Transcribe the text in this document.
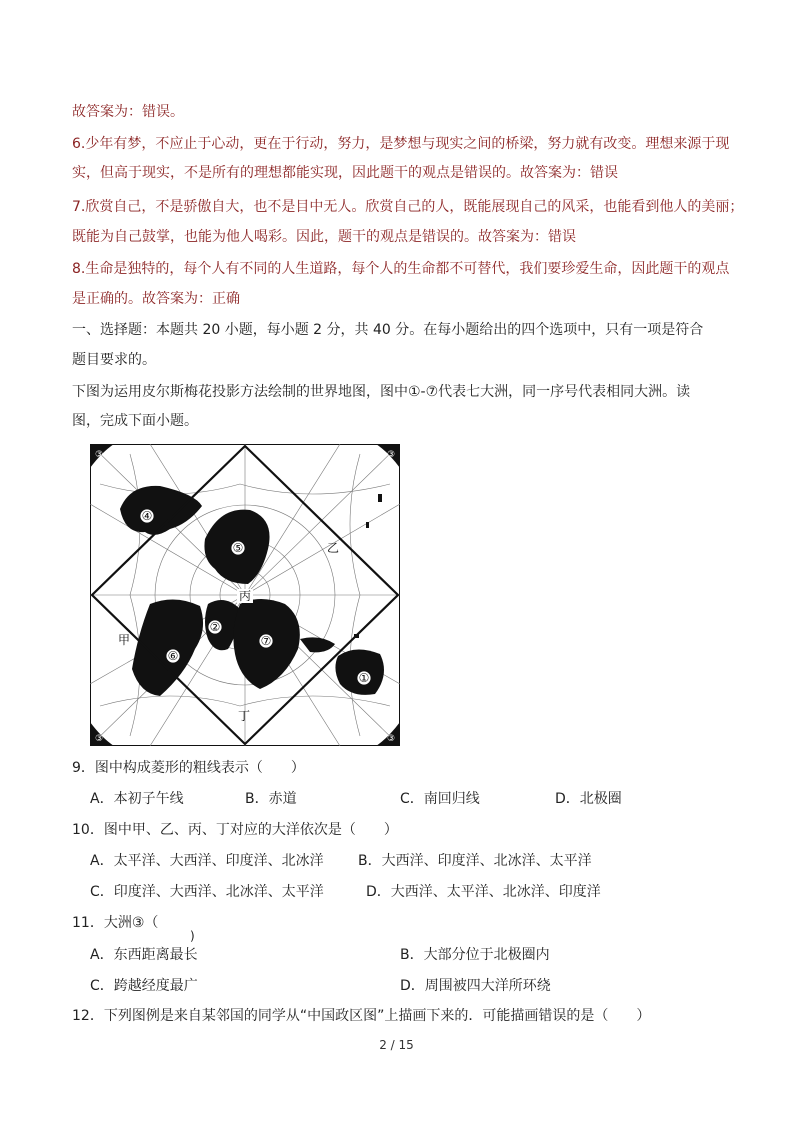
故答案为：错误。
6.少年有梦，不应止于心动，更在于行动，努力，是梦想与现实之间的桥梁，努力就有改变。理想来源于现
实，但高于现实，不是所有的理想都能实现，因此题干的观点是错误的。故答案为：错误
7.欣赏自己，不是骄傲自大，也不是目中无人。欣赏自己的人，既能展现自己的风采，也能看到他人的美丽；
既能为自己鼓掌，也能为他人喝彩。因此，题干的观点是错误的。故答案为：错误
8.生命是独特的，每个人有不同的人生道路，每个人的生命都不可替代，我们要珍爱生命，因此题干的观点
是正确的。故答案为：正确
一、选择题：本题共 20 小题，每小题 2 分，共 40 分。在每小题给出的四个选项中，只有一项是符合
题目要求的。
下图为运用皮尔斯梅花投影方法绘制的世界地图，图中①-⑦代表七大洲，同一序号代表相同大洲。读
图，完成下面小题。
④
⑤
②
⑦
⑥
①
③	③
③	③
甲
乙
丙
丁
9．图中构成菱形的粗线表示（　　）
A．本初子午线	B．赤道	C．南回归线	D．北极圈
10．图中甲、乙、丙、丁对应的大洋依次是（　　）
A．太平洋、大西洋、印度洋、北冰洋 B．大西洋、印度洋、北冰洋、太平洋
C．印度洋、大西洋、北冰洋、太平洋	D．大西洋、太平洋、北冰洋、印度洋
11．大洲③（
)
A．东西距离最长	B．大部分位于北极圈内
C．跨越经度最广	D．周围被四大洋所环绕
12．下列图例是来自某邻国的同学从“中国政区图”上描画下来的．可能描画错误的是（　　）
2 / 15
